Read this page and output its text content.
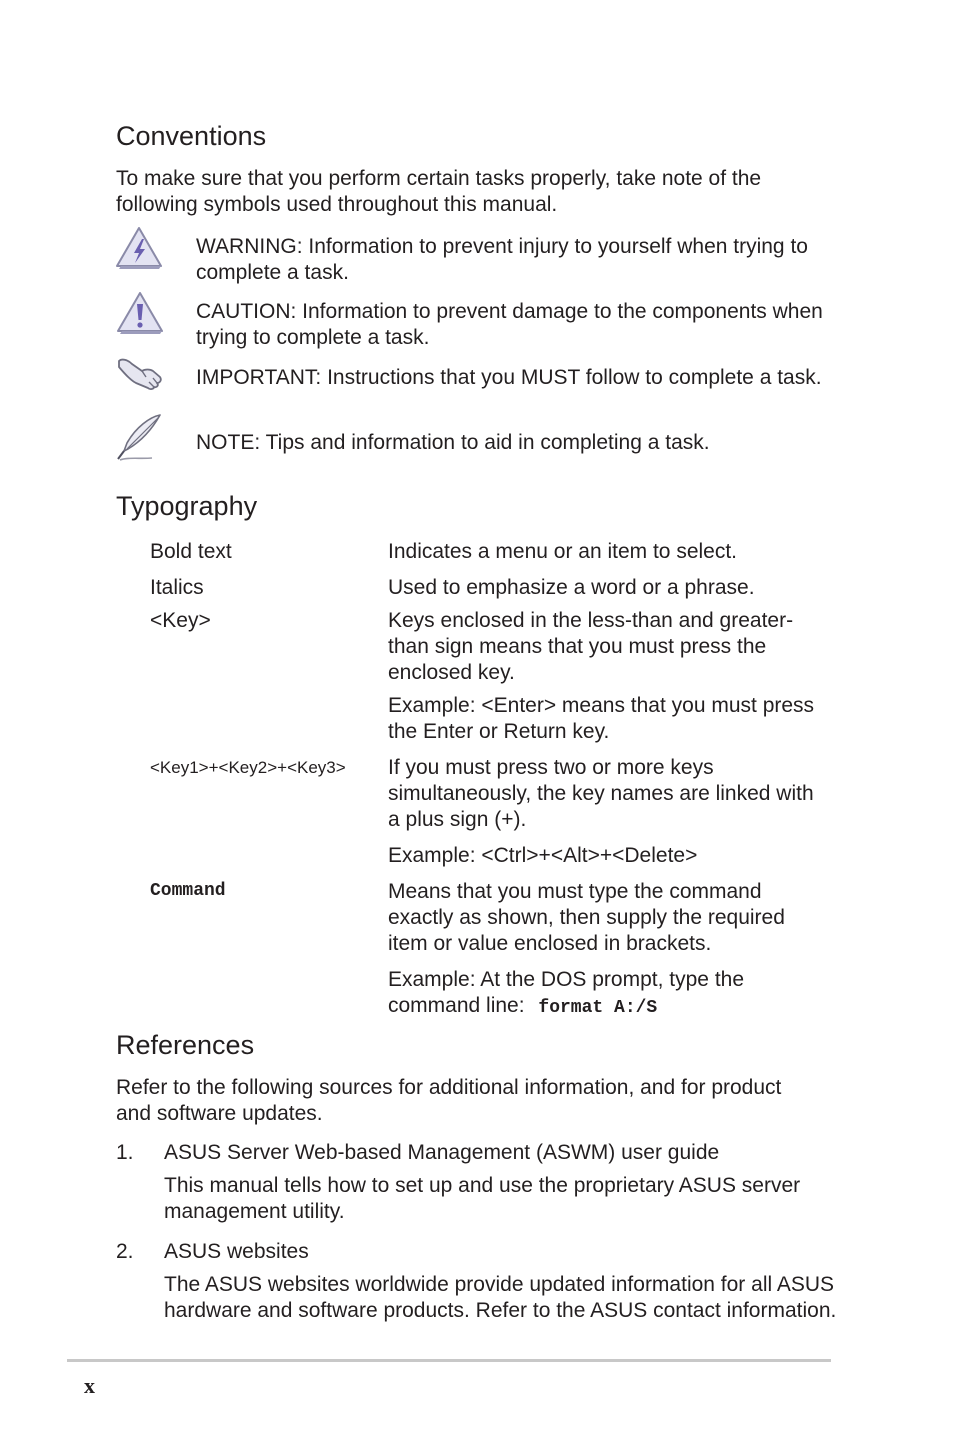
Conventions
To make sure that you perform certain tasks properly, take note of the
following symbols used throughout this manual.
WARNING: Information to prevent injury to yourself when trying to
complete a task.
CAUTION: Information to prevent damage to the components when
trying to complete a task.
IMPORTANT: Instructions that you MUST follow to complete a task.
NOTE: Tips and information to aid in completing a task.
Typography
Bold text	Indicates a menu or an item to select.
Italics	Used to emphasize a word or a phrase.
<Key>	Keys enclosed in the less-than and greater-
than sign means that you must press the
enclosed key.
Example: <Enter> means that you must press
the Enter or Return key.
<Key1>+<Key2>+<Key3> If you must press two or more keys
simultaneously, the key names are linked with
a plus sign (+).
Example: <Ctrl>+<Alt>+<Delete>
Command	Means that you must type the command
exactly as shown, then supply the required
item or value enclosed in brackets.
Example: At the DOS prompt, type the
command line: format A:/S
References
Refer to the following sources for additional information, and for product
and software updates.
1. ASUS Server Web-based Management (ASWM) user guide
This manual tells how to set up and use the proprietary ASUS server
management utility.
2. ASUS websites
The ASUS websites worldwide provide updated information for all ASUS
hardware and software products. Refer to the ASUS contact information.
x
